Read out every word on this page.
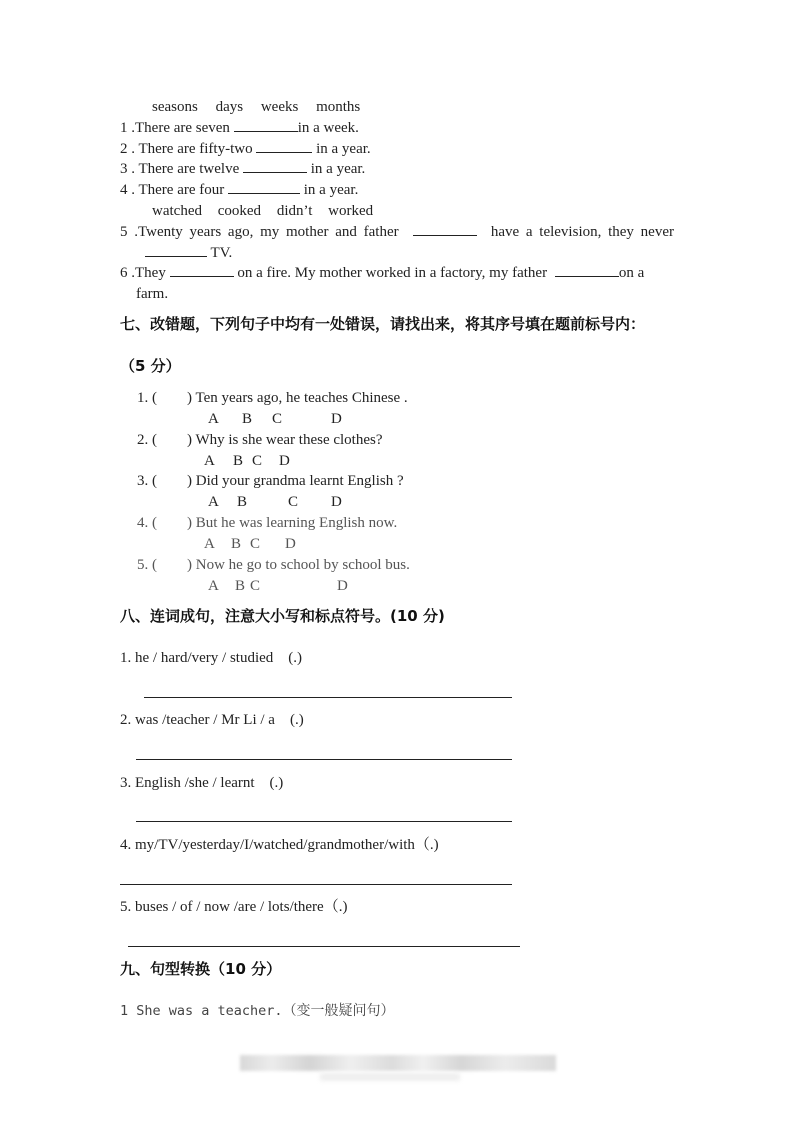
seasons days weeks months
1 .There are seven	in a week.
2 . There are fifty-two	in a year.
3 . There are twelve	in a year.
4 . There are four	in a year.
watched cooked didn’t worked
5 .Twenty years ago, my mother and father	have a television, they never
TV.
6 .They	on a fire. My mother worked in a factory, my father	on a
farm.
七、改错题，下列句子中均有一处错误，请找出来，将其序号填在题前标号内：
（5 分）
1. ( ) Ten years ago, he teaches Chinese .
A B C	D
2. ( ) Why is she wear these clothes?
A B C D
3. ( ) Did your grandma learnt English ?
A B	C D
4. ( ) But he was learning English now.
A B C D
5. ( ) Now he go to school by school bus.
A B C	D
八、连词成句，注意大小写和标点符号。(10 分)
1. he / hard/very / studied　(.)
2. was /teacher / Mr Li / a　(.)
3. English /she / learnt　(.)
4. my/TV/yesterday/I/watched/grandmother/with（.)
5. buses / of / now /are / lots/there（.)
九、句型转换（10 分）
1 She was a teacher.（变一般疑问句）
